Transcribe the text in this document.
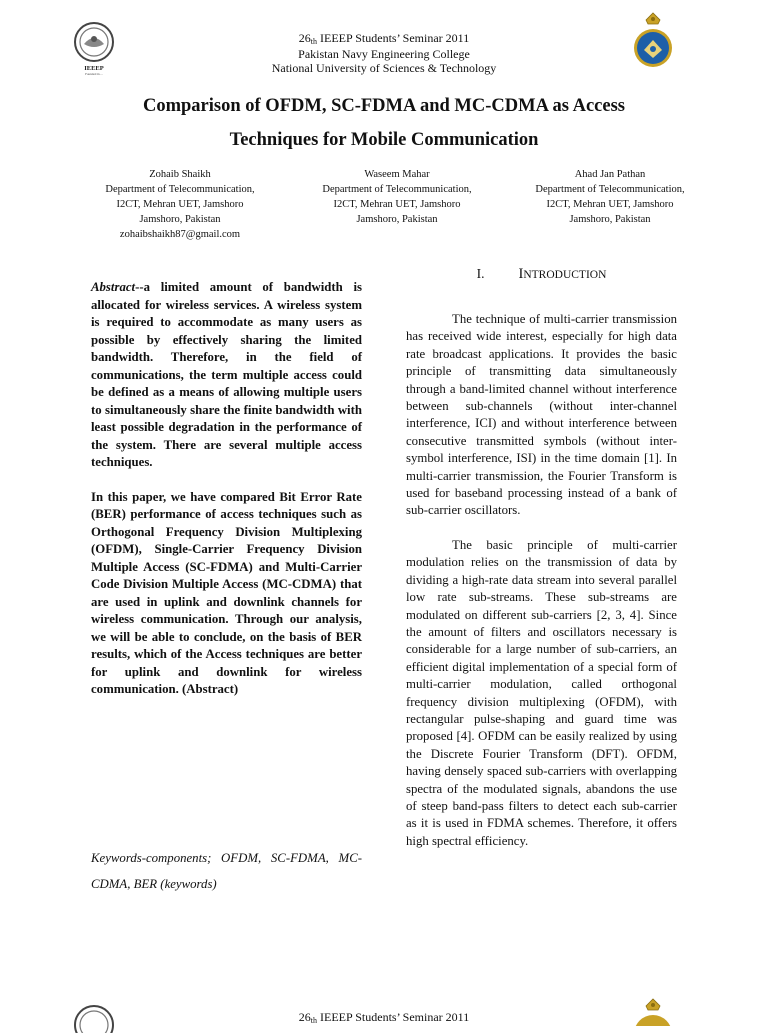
IEEEP
Founded in ...
$26_{th}$ IEEEP Students’ Seminar 2011
Pakistan Navy Engineering College
National University of Sciences & Technology
Comparison of OFDM, SC-FDMA and MC-CDMA as Access
Techniques for Mobile Communication
Zohaib Shaikh
Department of Telecommunication,
I2CT, Mehran UET, Jamshoro
Jamshoro, Pakistan
zohaibshaikh87@gmail.com
Waseem Mahar
Department of Telecommunication,
I2CT, Mehran UET, Jamshoro
Jamshoro, Pakistan
Ahad Jan Pathan
Department of Telecommunication,
I2CT, Mehran UET, Jamshoro
Jamshoro, Pakistan

Abstract--a limited amount of bandwidth is allocated for wireless services. A wireless system is required to accommodate as many users as possible by effectively sharing the limited bandwidth. Therefore, in the field of communications, the term multiple access could be defined as a means of allowing multiple users to simultaneously share the finite bandwidth with least possible degradation in the performance of the system. There are several multiple access techniques.

In this paper, we have compared Bit Error Rate (BER) performance of access techniques such as Orthogonal Frequency Division Multiplexing (OFDM), Single-Carrier Frequency Division Multiple Access (SC-FDMA) and Multi-Carrier Code Division Multiple Access (MC-CDMA) that are used in uplink and downlink channels for wireless communication. Through our analysis, we will be able to conclude, on the basis of BER results, which of the Access techniques are better for uplink and downlink for wireless communication. (Abstract)

Keywords-components; OFDM, SC-FDMA, MC-CDMA, BER (keywords)
I. INTRODUCTION

The technique of multi-carrier transmission has received wide interest, especially for high data rate broadcast applications. It provides the basic principle of transmitting data simultaneously through a band-limited channel without interference between sub-channels (without inter-channel interference, ICI) and without interference between consecutive transmitted symbols (without inter-symbol interference, ISI) in the time domain [1]. In multi-carrier transmission, the Fourier Transform is used for baseband processing instead of a bank of sub-carrier oscillators.

The basic principle of multi-carrier modulation relies on the transmission of data by dividing a high-rate data stream into several parallel low rate sub-streams. These sub-streams are modulated on different sub-carriers [2, 3, 4]. Since the amount of filters and oscillators necessary is considerable for a large number of sub-carriers, an efficient digital implementation of a special form of multi-carrier modulation, called orthogonal frequency division multiplexing (OFDM), with rectangular pulse-shaping and guard time was proposed [4]. OFDM can be easily realized by using the Discrete Fourier Transform (DFT). OFDM, having densely spaced sub-carriers with overlapping spectra of the modulated signals, abandons the use of steep band-pass filters to detect each sub-carrier as it is used in FDMA schemes. Therefore, it offers high spectral efficiency.

$26_{th}$ IEEEP Students’ Seminar 2011
